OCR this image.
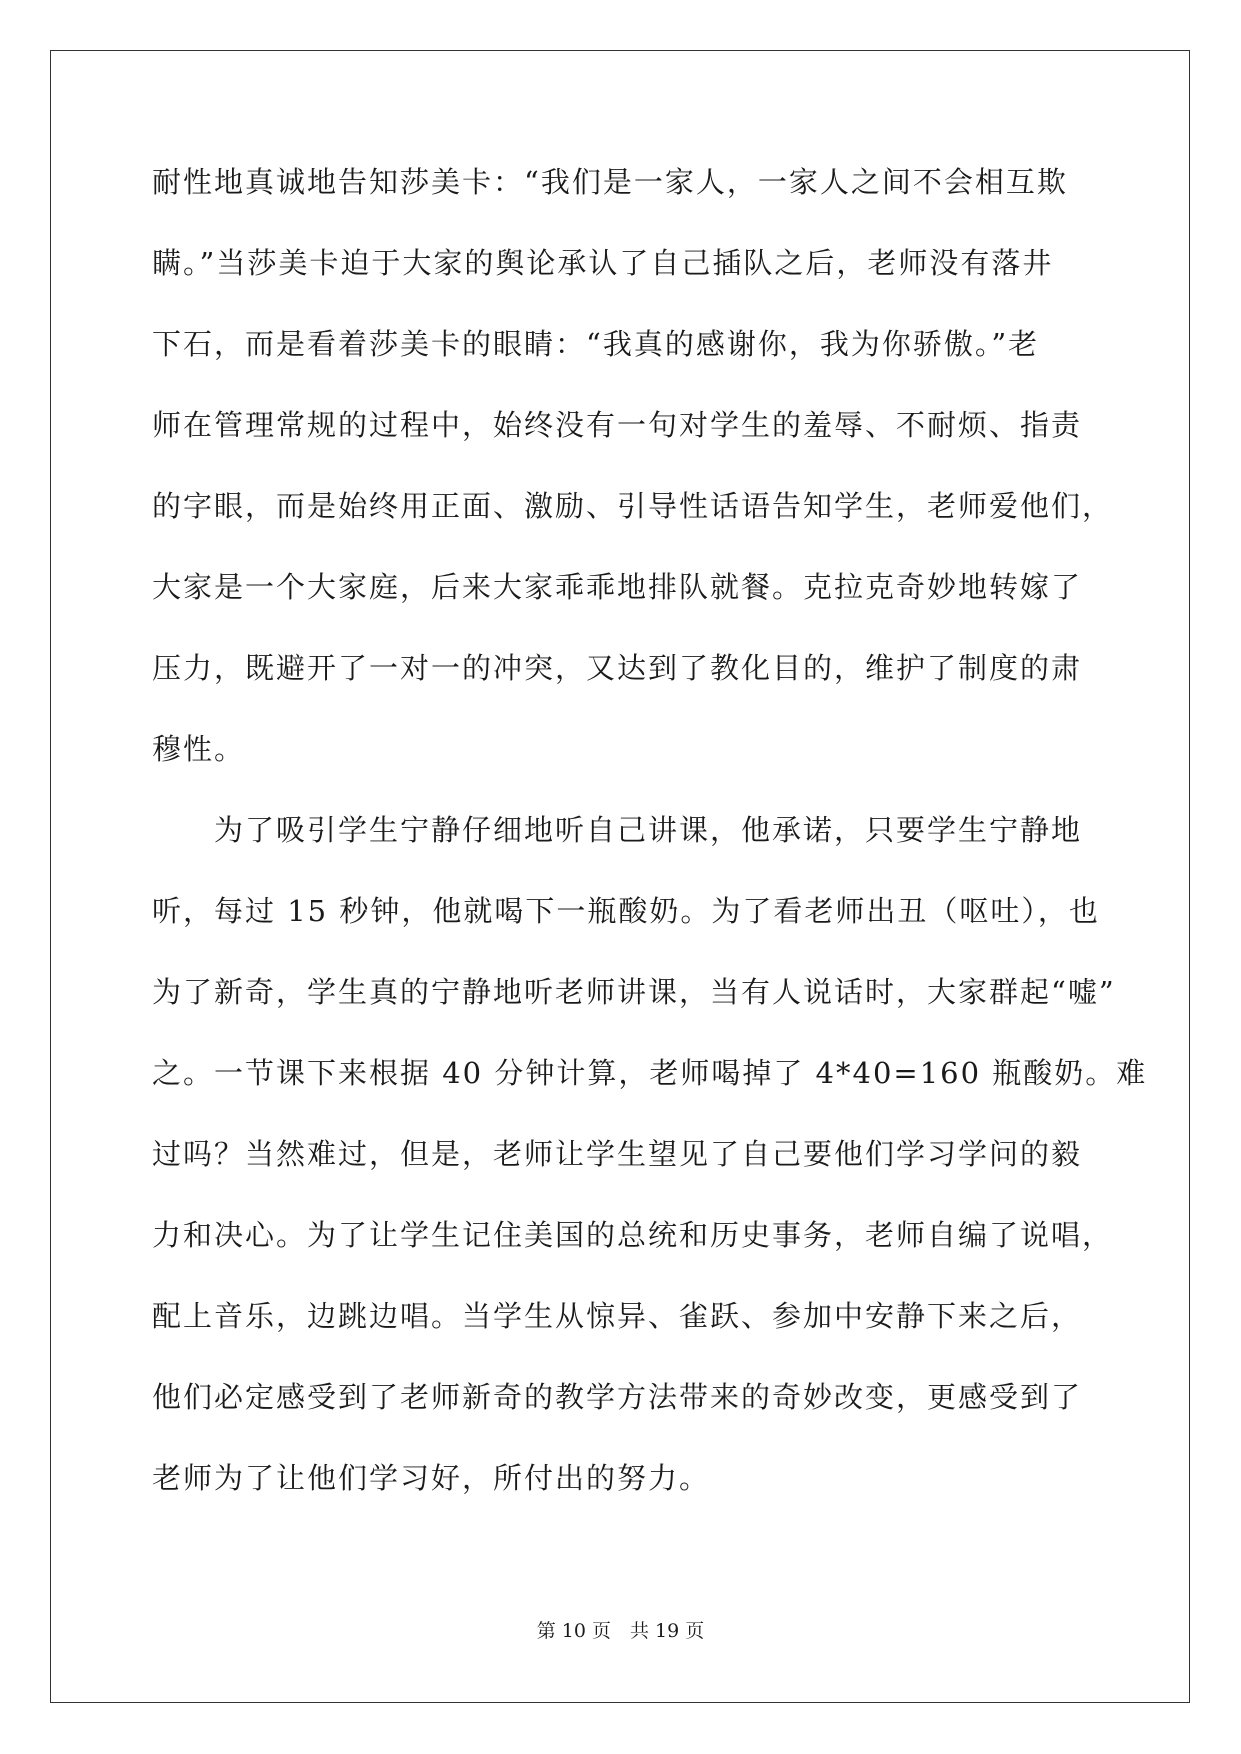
耐性地真诚地告知莎美卡：“我们是一家人，一家人之间不会相互欺
瞒。”当莎美卡迫于大家的舆论承认了自己插队之后，老师没有落井
下石，而是看着莎美卡的眼睛：“我真的感谢你，我为你骄傲。”老
师在管理常规的过程中，始终没有一句对学生的羞辱、不耐烦、指责
的字眼，而是始终用正面、激励、引导性话语告知学生，老师爱他们，
大家是一个大家庭，后来大家乖乖地排队就餐。克拉克奇妙地转嫁了
压力，既避开了一对一的冲突，又达到了教化目的，维护了制度的肃
穆性。
　　为了吸引学生宁静仔细地听自己讲课，他承诺，只要学生宁静地
听，每过 15 秒钟，他就喝下一瓶酸奶。为了看老师出丑（呕吐），也
为了新奇，学生真的宁静地听老师讲课，当有人说话时，大家群起“嘘”
之。一节课下来根据 40 分钟计算，老师喝掉了 4*40=160 瓶酸奶。难
过吗？当然难过，但是，老师让学生望见了自己要他们学习学问的毅
力和决心。为了让学生记住美国的总统和历史事务，老师自编了说唱，
配上音乐，边跳边唱。当学生从惊异、雀跃、参加中安静下来之后，
他们必定感受到了老师新奇的教学方法带来的奇妙改变，更感受到了
老师为了让他们学习好，所付出的努力。
第 10 页　共 19 页
